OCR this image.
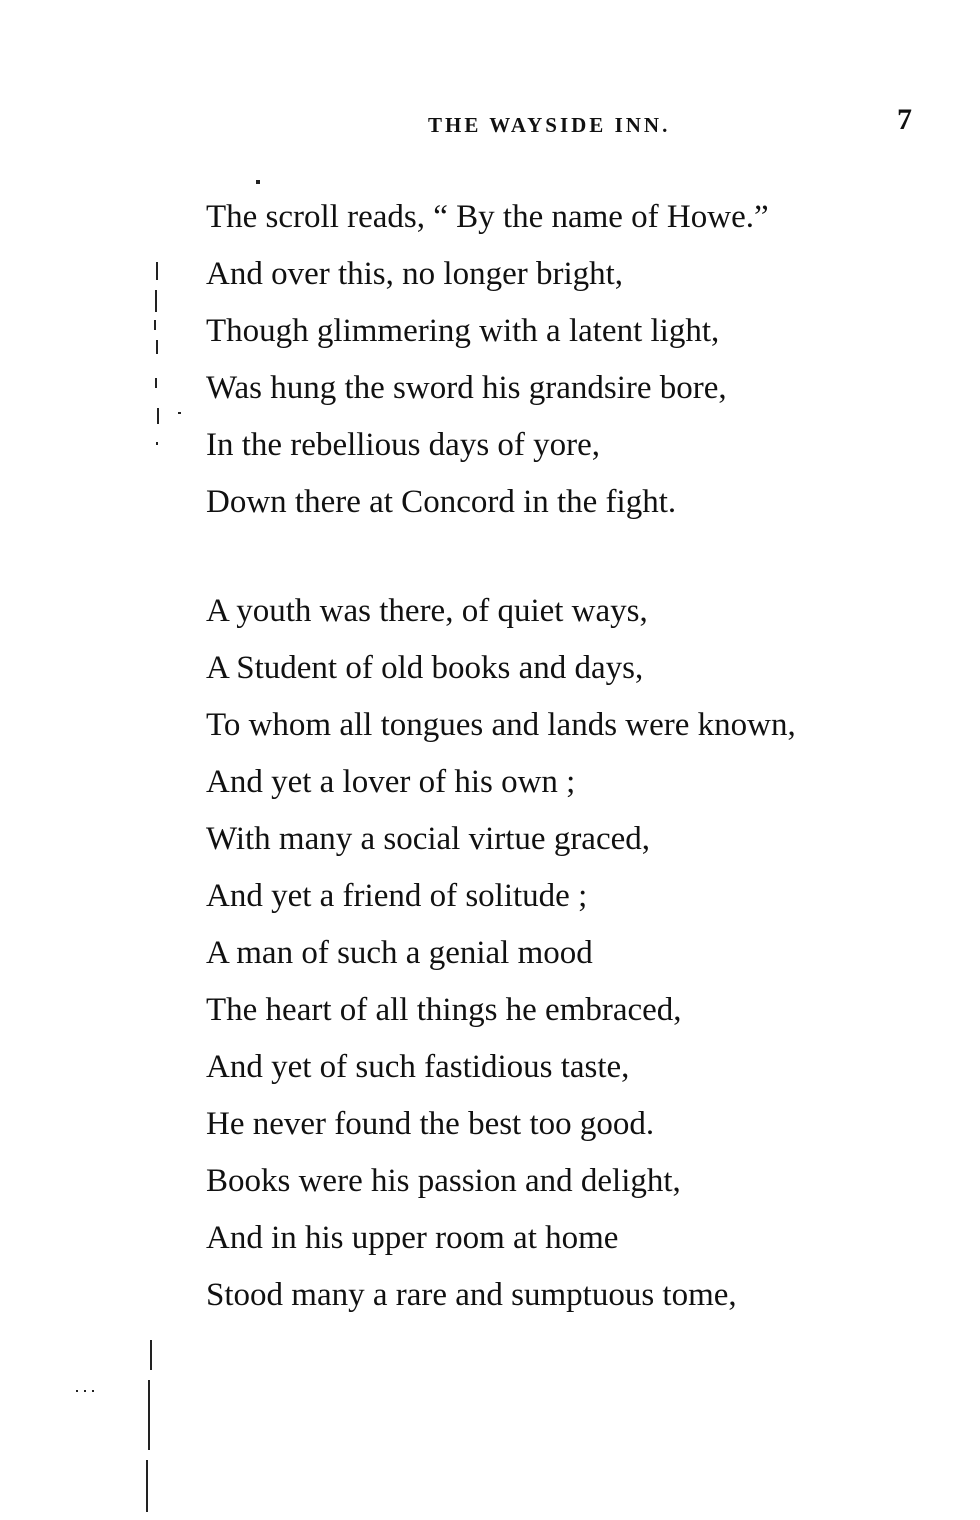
THE WAYSIDE INN.	7
The scroll reads, “ By the name of Howe.”
And over this, no longer bright,
Though glimmering with a latent light,
Was hung the sword his grandsire bore,
In the rebellious days of yore,
Down there at Concord in the fight.
A youth was there, of quiet ways,
A Student of old books and days,
To whom all tongues and lands were known,
And yet a lover of his own ;
With many a social virtue graced,
And yet a friend of solitude ;
A man of such a genial mood
The heart of all things he embraced,
And yet of such fastidious taste,
He never found the best too good.
Books were his passion and delight,
And in his upper room at home
Stood many a rare and sumptuous tome,
